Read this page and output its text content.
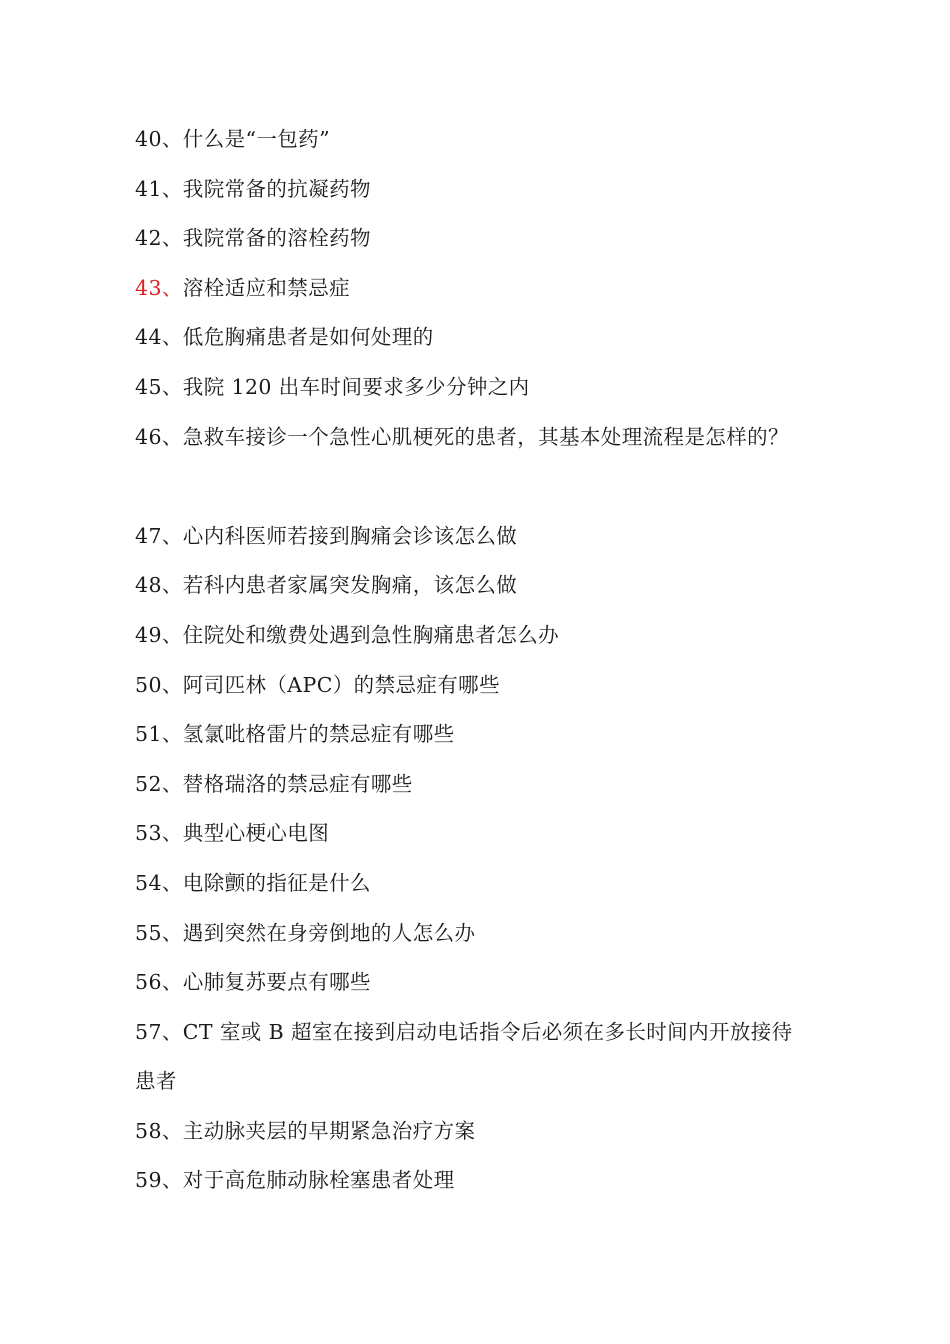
40、什么是“一包药”
41、我院常备的抗凝药物
42、我院常备的溶栓药物
43、溶栓适应和禁忌症
44、低危胸痛患者是如何处理的
45、我院 120 出车时间要求多少分钟之内
46、急救车接诊一个急性心肌梗死的患者，其基本处理流程是怎样的？
47、心内科医师若接到胸痛会诊该怎么做
48、若科内患者家属突发胸痛，该怎么做
49、住院处和缴费处遇到急性胸痛患者怎么办
50、阿司匹林（APC）的禁忌症有哪些
51、氢氯吡格雷片的禁忌症有哪些
52、替格瑞洛的禁忌症有哪些
53、典型心梗心电图
54、电除颤的指征是什么
55、遇到突然在身旁倒地的人怎么办
56、心肺复苏要点有哪些
57、CT 室或 B 超室在接到启动电话指令后必须在多长时间内开放接待患者
58、主动脉夹层的早期紧急治疗方案
59、对于高危肺动脉栓塞患者处理
